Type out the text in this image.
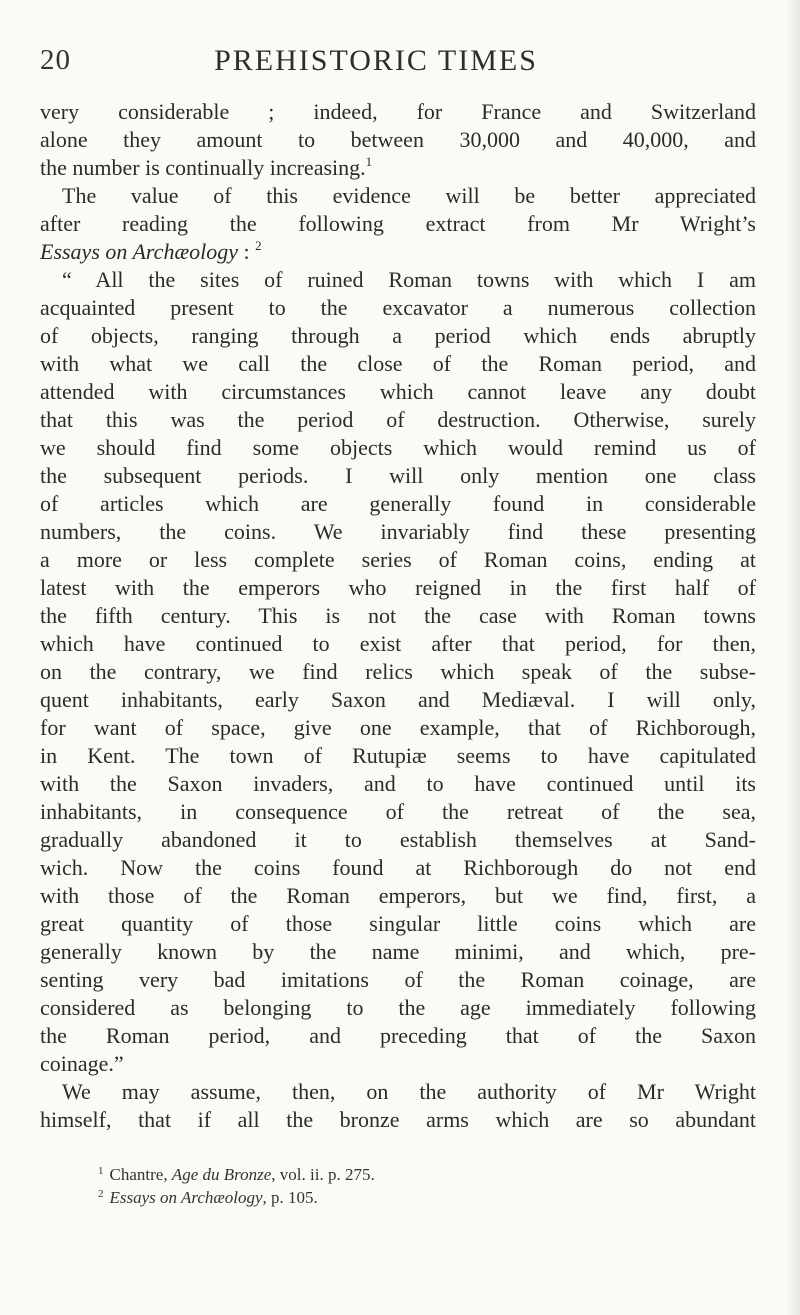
20	PREHISTORIC TIMES
very considerable ; indeed, for France and Switzerland
alone they amount to between 30,000 and 40,000, and
the number is continually increasing.$^1$
The value of this evidence will be better appreciated
after reading the following extract from Mr Wright’s
Essays on Archæology : $^2$
“ All the sites of ruined Roman towns with which I am
acquainted present to the excavator a numerous collection
of objects, ranging through a period which ends abruptly
with what we call the close of the Roman period, and
attended with circumstances which cannot leave any doubt
that this was the period of destruction. Otherwise, surely
we should find some objects which would remind us of
the subsequent periods. I will only mention one class
of articles which are generally found in considerable
numbers, the coins. We invariably find these presenting
a more or less complete series of Roman coins, ending at
latest with the emperors who reigned in the first half of
the fifth century. This is not the case with Roman towns
which have continued to exist after that period, for then,
on the contrary, we find relics which speak of the subse-
quent inhabitants, early Saxon and Mediæval. I will only,
for want of space, give one example, that of Richborough,
in Kent. The town of Rutupiæ seems to have capitulated
with the Saxon invaders, and to have continued until its
inhabitants, in consequence of the retreat of the sea,
gradually abandoned it to establish themselves at Sand-
wich. Now the coins found at Richborough do not end
with those of the Roman emperors, but we find, first, a
great quantity of those singular little coins which are
generally known by the name minimi, and which, pre-
senting very bad imitations of the Roman coinage, are
considered as belonging to the age immediately following
the Roman period, and preceding that of the Saxon
coinage.”
We may assume, then, on the authority of Mr Wright
himself, that if all the bronze arms which are so abundant
$^1$ Chantre, Age du Bronze, vol. ii. p. 275.
$^2$ Essays on Archæology, p. 105.
